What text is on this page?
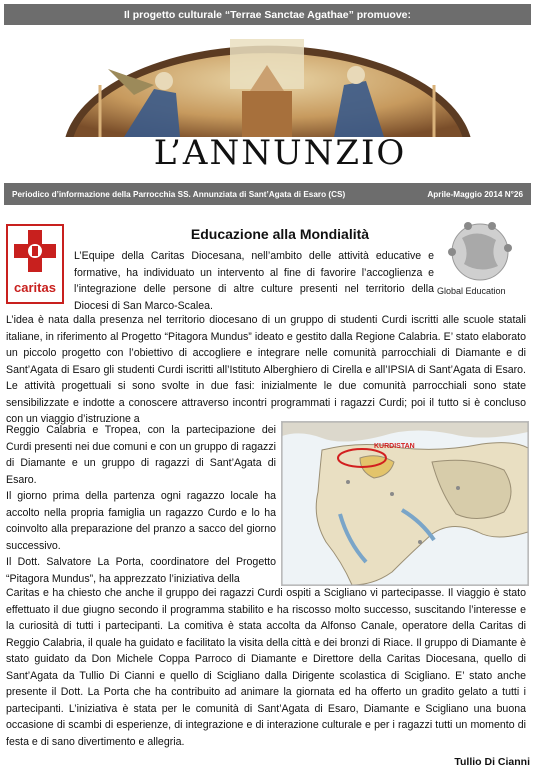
Il progetto culturale “Terrae Sanctae Agathae” promuove:
L’ANNUNZIO
Periodico d’informazione della Parrocchia SS. Annunziata di Sant’Agata di Esaro (CS)	Aprile-Maggio 2014 N°26
caritas	Global Education
Educazione alla Mondialità
L’Equipe della Caritas Diocesana, nell’ambito delle attività educative e formative, ha individuato un intervento al fine di favorire l’accoglienza e l’integrazione delle persone di altre culture presenti nel territorio della Diocesi di San Marco-Scalea.
L’idea è nata dalla presenza nel territorio diocesano di un gruppo di studenti Curdi iscritti alle scuole statali italiane, in riferimento al Progetto “Pitagora Mundus” ideato e gestito dalla Regione Calabria. E’ stato elaborato un piccolo progetto con l’obiettivo di accogliere e integrare nelle comunità parrocchiali di Diamante e di Sant’Agata di Esaro gli studenti Curdi iscritti all’Istituto Alberghiero di Cirella e all’IPSIA di Sant’Agata di Esaro. Le attività progettuali si sono svolte in due fasi: inizialmente le due comunità parrocchiali sono state sensibilizzate e indotte a conoscere attraverso incontri programmati i ragazzi Curdi; poi il tutto si è concluso con un viaggio d’istruzione a
Reggio Calabria e Tropea, con la partecipazione dei Curdi presenti nei due comuni e con un gruppo di ragazzi di Diamante e un gruppo di ragazzi di Sant’Agata di Esaro.
Il giorno prima della partenza ogni ragazzo locale ha accolto nella propria famiglia un ragazzo Curdo e lo ha coinvolto alla preparazione del pranzo a sacco del giorno successivo.
Il Dott. Salvatore La Porta, coordinatore del Progetto “Pitagora Mundus”, ha apprezzato l’iniziativa della
KURDISTAN
Caritas e ha chiesto che anche il gruppo dei ragazzi Curdi ospiti a Scigliano vi partecipasse. Il viaggio è stato effettuato il due giugno secondo il programma stabilito e ha riscosso molto successo, suscitando l’interesse e la curiosità di tutti i partecipanti. La comitiva è stata accolta da Alfonso Canale, operatore della Caritas di Reggio Calabria, il quale ha guidato e facilitato la visita della città e dei bronzi di Riace. Il gruppo di Diamante è stato guidato da Don Michele Coppa Parroco di Diamante e Direttore della Caritas Diocesana, quello di Sant’Agata da Tullio Di Cianni e quello di Scigliano dalla Dirigente scolastica di Scigliano. E’ stato anche presente il Dott. La Porta che ha contribuito ad animare la giornata ed ha offerto un gradito gelato a tutti i partecipanti. L’iniziativa è stata per le comunità di Sant’Agata di Esaro, Diamante e Scigliano una buona occasione di scambi di esperienze, di integrazione e di interazione culturale e per i ragazzi tutti un momento di festa e di sano divertimento e allegria.
Tullio Di Cianni
